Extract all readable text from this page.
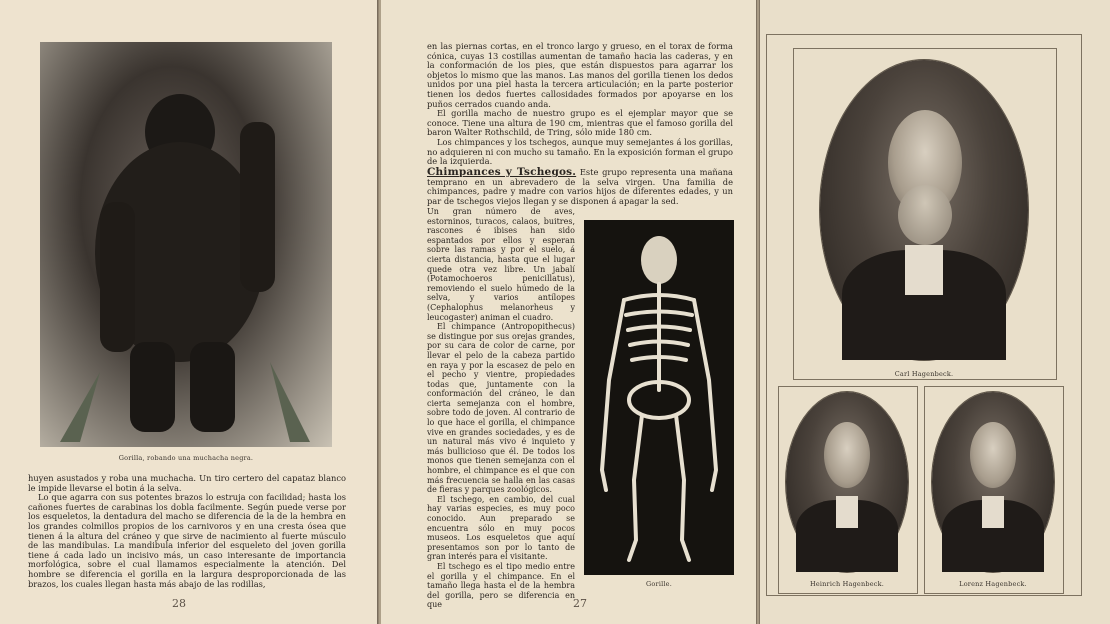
Gorilla, robando una muchacha negra.

huyen asustados y roba una muchacha. Un tiro certero del capataz blanco le impide llevarse el botin á la selva.

Lo que agarra con sus potentes brazos lo estruja con facilidad; hasta los cañones fuertes de carabinas los dobla facilmente. Según puede verse por los esqueletos, la dentadura del macho se diferencia de la de la hembra en los grandes colmillos propios de los carnivoros y en una cresta ósea que tienen á la altura del cráneo y que sirve de nacimiento al fuerte músculo de las mandibulas. La mandibula inferior del esqueleto del joven gorilla tiene á cada lado un incisivo más, un caso interesante de importancia morfológica, sobre el cual llamamos especialmente la atención. Del hombre se diferencia el gorilla en la largura desproporcionada de las brazos, los cuales llegan hasta más abajo de las rodillas,

28

en las piernas cortas, en el tronco largo y grueso, en el torax de forma cónica, cuyas 13 costillas aumentan de tamaño hacia las caderas, y en la conformación de los pies, que están dispuestos para agarrar los objetos lo mismo que las manos. Las manos del gorilla tienen los dedos unidos por una piel hasta la tercera articulación; en la parte posterior tienen los dedos fuertes callosidades formados por apoyarse en los puños cerrados cuando anda.

El gorilla macho de nuestro grupo es el ejemplar mayor que se conoce. Tiene una altura de 190 cm, mientras que el famoso gorilla del baron Walter Rothschild, de Tring, sólo mide 180 cm.

Los chimpances y los tschegos, aunque muy semejantes á los gorillas, no adquieren ni con mucho su tamaño. En la exposición forman el grupo de la izquierda.

Chimpances y Tschegos. Este grupo representa una mañana temprano en un abrevadero de la selva virgen. Una familia de chimpances, padre y madre con varios hijos de diferentes edades, y un par de tschegos viejos llegan y se disponen á apagar la sed.

Un gran número de aves, estorninos, turacos, calaos, buitres, rascones é ibises han sido espantados por ellos y esperan sobre las ramas y por el suelo, á cierta distancia, hasta que el lugar quede otra vez libre. Un jabalí (Potamochoeros penicillatus), removiendo el suelo húmedo de la selva, y varios antílopes (Cephalophus melanorheus y leucogaster) animan el cuadro.

El chimpance (Antropopithecus) se distingue por sus orejas grandes, por su cara de color de carne, por llevar el pelo de la cabeza partido en raya y por la escasez de pelo en el pecho y vientre, propiedades todas que, juntamente con la conformación del cráneo, le dan cierta semejanza con el hombre, sobre todo de joven. Al contrario de lo que hace el gorilla, el chimpance vive en grandes sociedades, y es de un natural más vivo é inquieto y más bullicioso que él. De todos los monos que tienen semejanza con el hombre, el chimpance es el que con más frecuencia se halla en las casas de fieras y parques zoológicos.

El tschego, en cambio, del cual hay varias especies, es muy poco conocido. Aun preparado se encuentra sólo en muy pocos museos. Los esqueletos que aquí presentamos son por lo tanto de gran interés para el visitante.

El tschego es el tipo medio entre el gorilla y el chimpance. En el tamaño llega hasta el de la hembra del gorilla, pero se diferencia en que

Gorille.
27
Carl Hagenbeck.
Heinrich Hagenbeck.	Lorenz Hagenbeck.
